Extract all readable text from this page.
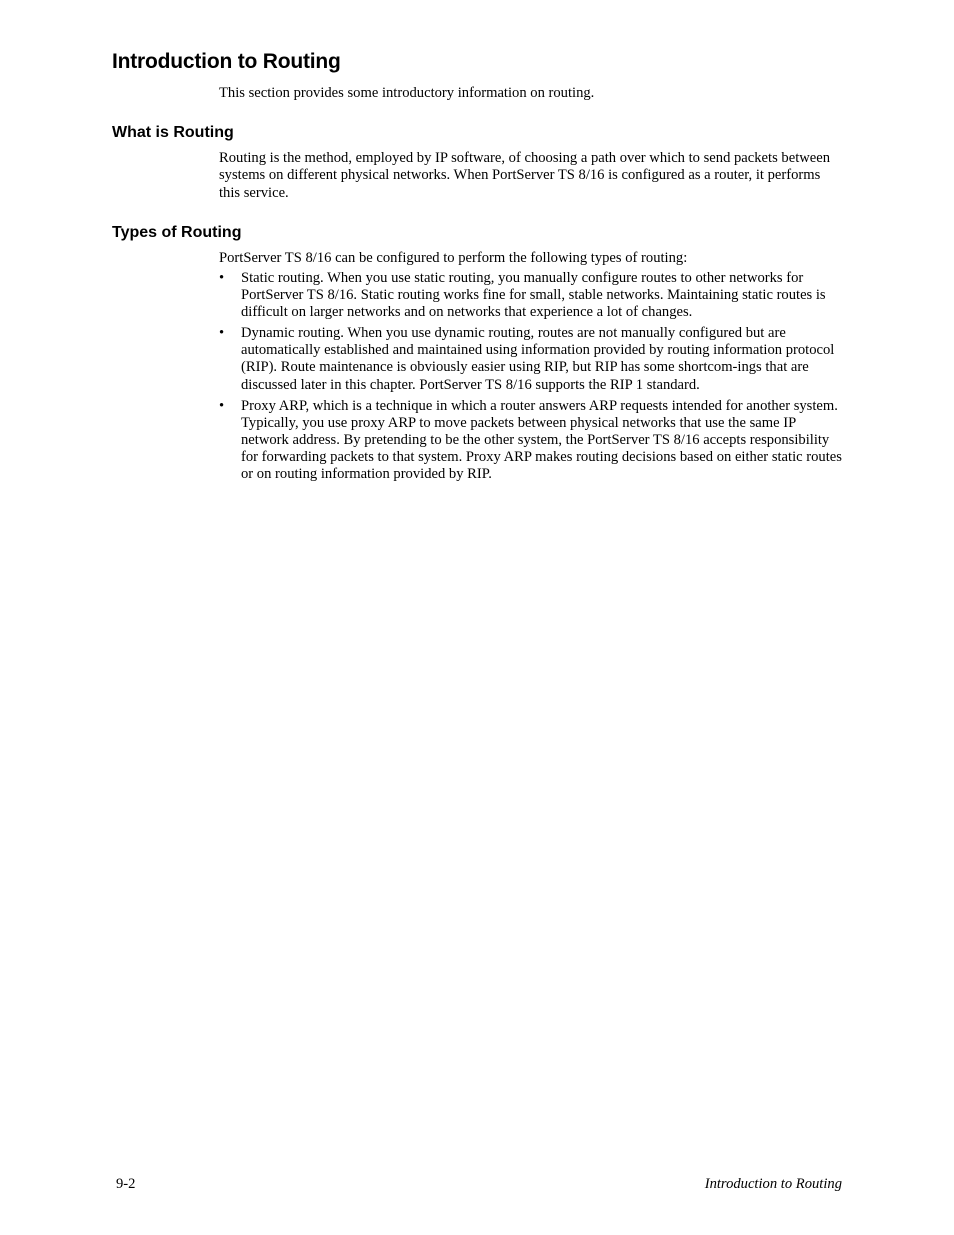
Introduction to Routing

This section provides some introductory information on routing.

What is Routing

Routing is the method, employed by IP software, of choosing a path over which to send packets between systems on different physical networks. When PortServer TS 8/16 is configured as a router, it performs this service.

Types of Routing

PortServer TS 8/16 can be configured to perform the following types of routing:

• Static routing. When you use static routing, you manually configure routes to other networks for PortServer TS 8/16. Static routing works fine for small, stable networks. Maintaining static routes is difficult on larger networks and on networks that experience a lot of changes.
• Dynamic routing. When you use dynamic routing, routes are not manually configured but are automatically established and maintained using information provided by routing information protocol (RIP). Route maintenance is obviously easier using RIP, but RIP has some shortcom-ings that are discussed later in this chapter. PortServer TS 8/16 supports the RIP 1 standard.
• Proxy ARP, which is a technique in which a router answers ARP requests intended for another system. Typically, you use proxy ARP to move packets between physical networks that use the same IP network address. By pretending to be the other system, the PortServer TS 8/16 accepts responsibility for forwarding packets to that system. Proxy ARP makes routing decisions based on either static routes or on routing information provided by RIP.
9-2	Introduction to Routing
